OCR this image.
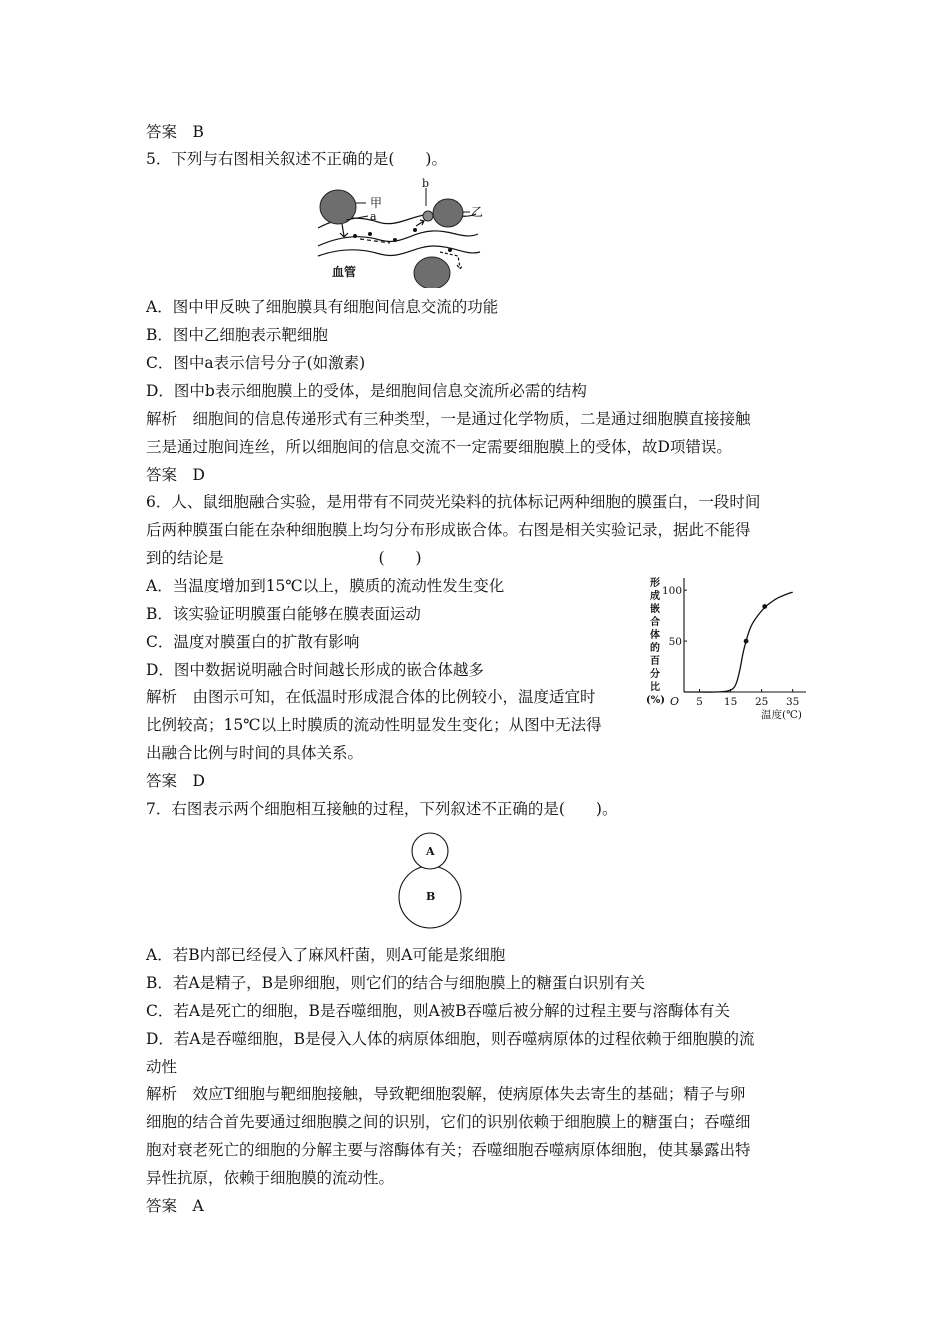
答案　B
5．下列与右图相关叙述不正确的是(　　)。
甲
a
b
乙
血管
A．图中甲反映了细胞膜具有细胞间信息交流的功能
B．图中乙细胞表示靶细胞
C．图中a表示信号分子(如激素)
D．图中b表示细胞膜上的受体，是细胞间信息交流所必需的结构
解析　细胞间的信息传递形式有三种类型，一是通过化学物质，二是通过细胞膜直接接触
三是通过胞间连丝，所以细胞间的信息交流不一定需要细胞膜上的受体，故D项错误。
答案　D
6．人、鼠细胞融合实验，是用带有不同荧光染料的抗体标记两种细胞的膜蛋白，一段时间
后两种膜蛋白能在杂种细胞膜上均匀分布形成嵌合体。右图是相关实验记录，据此不能得
到的结论是　　　　　　　　　　(　　)
A．当温度增加到15℃以上，膜质的流动性发生变化
B．该实验证明膜蛋白能够在膜表面运动
C．温度对膜蛋白的扩散有影响
D．图中数据说明融合时间越长形成的嵌合体越多
解析　由图示可知，在低温时形成混合体的比例较小，温度适宜时
比例较高；15℃以上时膜质的流动性明显发生变化；从图中无法得
出融合比例与时间的具体关系。
答案　D
形成嵌合体的百分比(%)	5 15 25 35
50
100
O
温度(℃)
7．右图表示两个细胞相互接触的过程，下列叙述不正确的是(　　)。
A
B
A．若B内部已经侵入了麻风杆菌，则A可能是浆细胞
B．若A是精子，B是卵细胞，则它们的结合与细胞膜上的糖蛋白识别有关
C．若A是死亡的细胞，B是吞噬细胞，则A被B吞噬后被分解的过程主要与溶酶体有关
D．若A是吞噬细胞，B是侵入人体的病原体细胞，则吞噬病原体的过程依赖于细胞膜的流
动性
解析　效应T细胞与靶细胞接触，导致靶细胞裂解，使病原体失去寄生的基础；精子与卵
细胞的结合首先要通过细胞膜之间的识别，它们的识别依赖于细胞膜上的糖蛋白；吞噬细
胞对衰老死亡的细胞的分解主要与溶酶体有关；吞噬细胞吞噬病原体细胞，使其暴露出特
异性抗原，依赖于细胞膜的流动性。
答案　A
